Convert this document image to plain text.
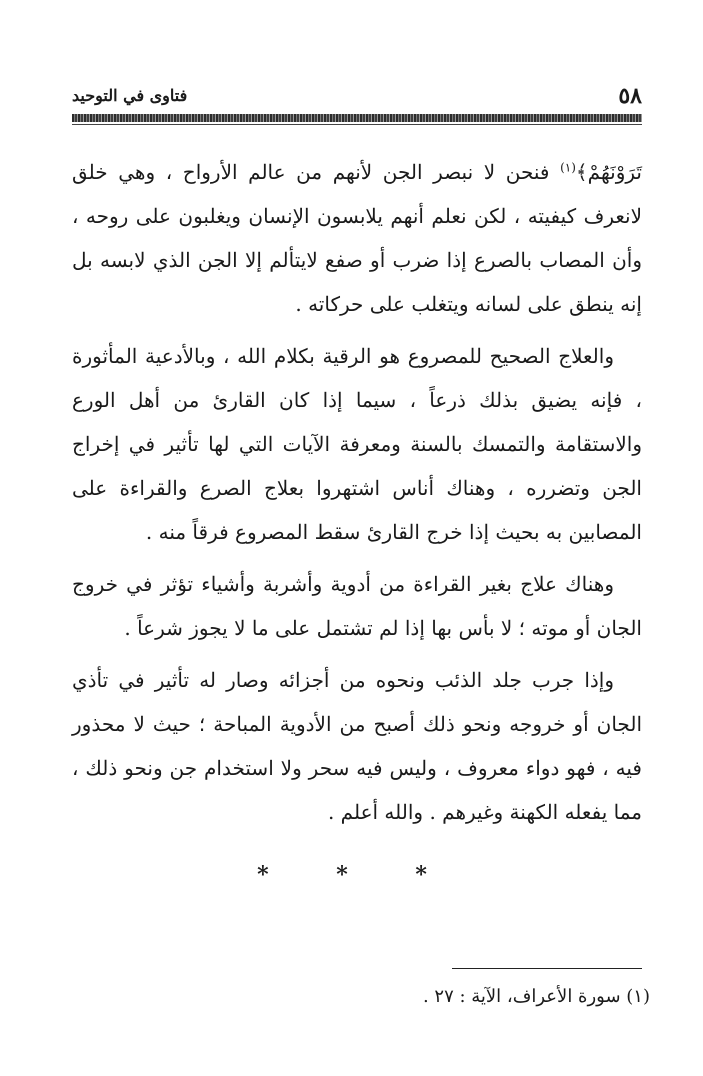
٥٨
فتاوى في التوحيد

تَرَوْنَهُمْ﴾$^{(١)}$ فنحن لا نبصر الجن لأنهم من عالم الأرواح ، وهي خلق لانعرف كيفيته ، لكن نعلم أنهم يلابسون الإنسان ويغلبون على روحه ، وأن المصاب بالصرع إذا ضرب أو صفع لايتألم إلا الجن الذي لابسه بل إنه ينطق على لسانه ويتغلب على حركاته .

والعلاج الصحيح للمصروع هو الرقية بكلام الله ، وبالأدعية المأثورة ، فإنه يضيق بذلك ذرعاً ، سيما إذا كان القارئ من أهل الورع والاستقامة والتمسك بالسنة ومعرفة الآيات التي لها تأثير في إخراج الجن وتضرره ، وهناك أناس اشتهروا بعلاج الصرع والقراءة على المصابين به بحيث إذا خرج القارئ سقط المصروع فرقاً منه .

وهناك علاج بغير القراءة من أدوية وأشربة وأشياء تؤثر في خروج الجان أو موته ؛ لا بأس بها إذا لم تشتمل على ما لا يجوز شرعاً .

وإذا جرب جلد الذئب ونحوه من أجزائه وصار له تأثير في تأذي الجان أو خروجه ونحو ذلك أصبح من الأدوية المباحة ؛ حيث لا محذور فيه ، فهو دواء معروف ، وليس فيه سحر ولا استخدام جن ونحو ذلك ، مما يفعله الكهنة وغيرهم . والله أعلم .

* * *
(١) سورة الأعراف، الآية : ٢٧ .
